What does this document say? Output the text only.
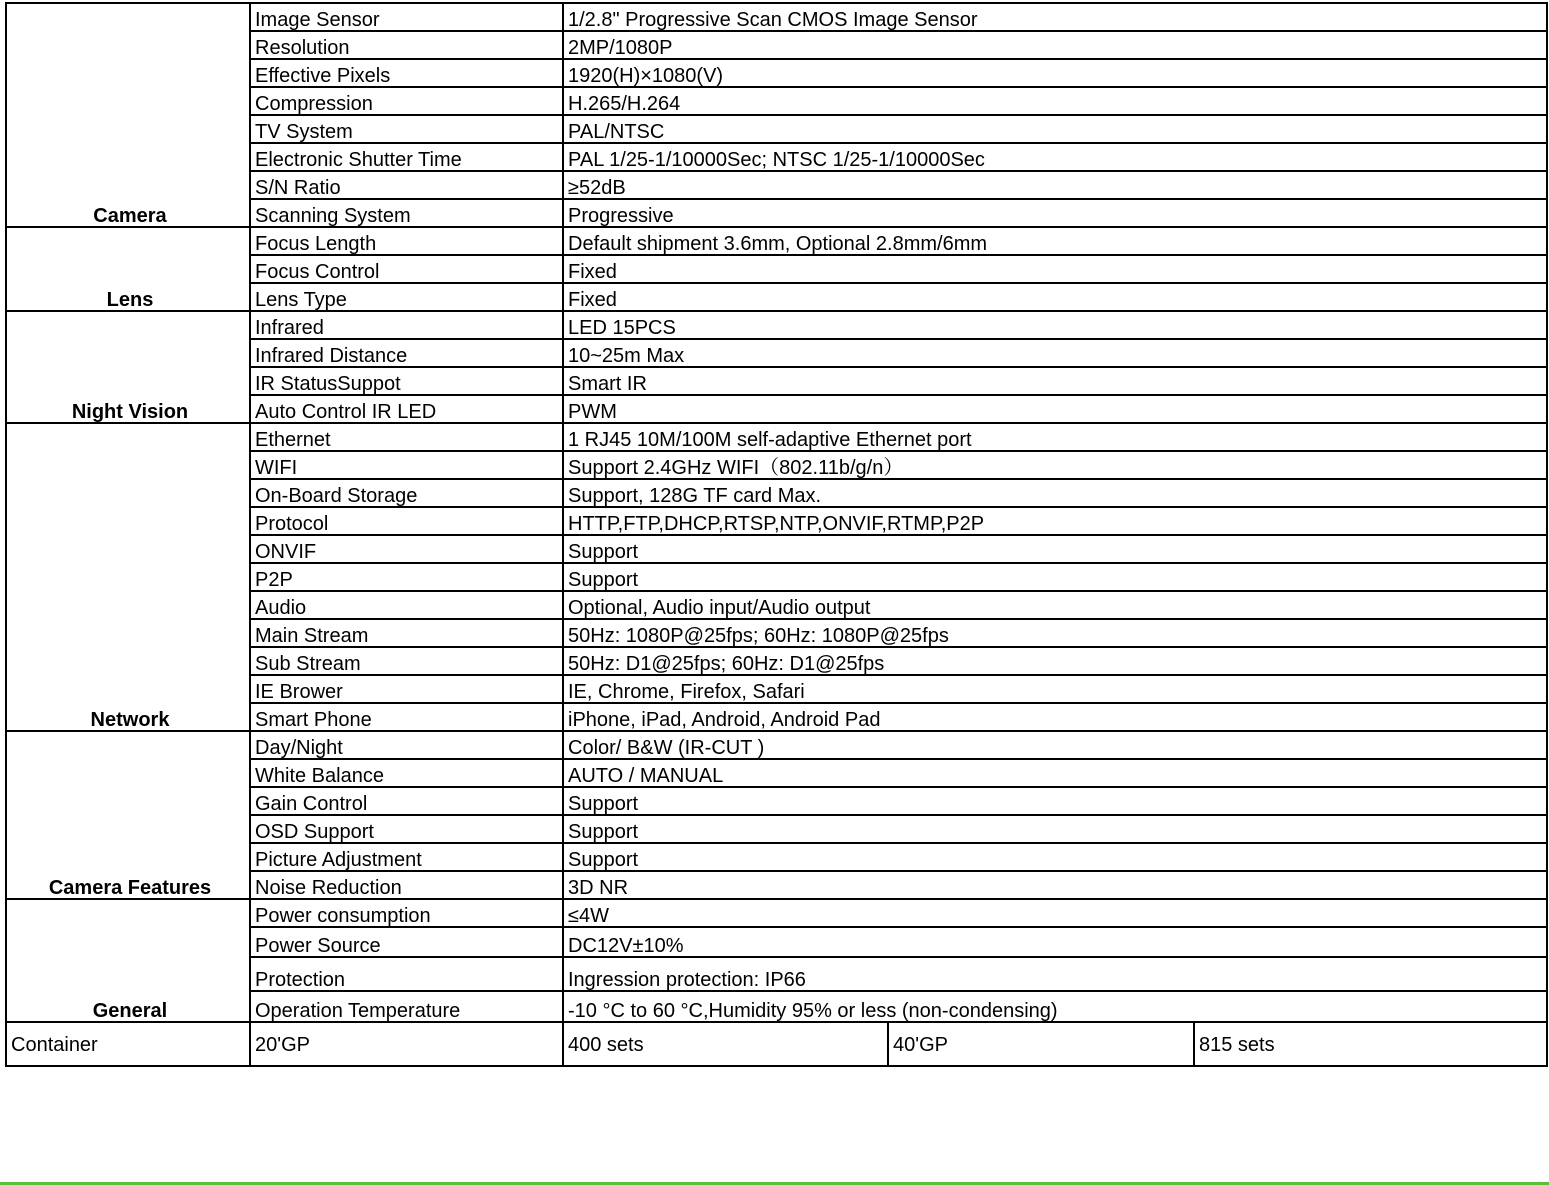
Camera	Image Sensor	1/2.8" Progressive Scan CMOS Image Sensor		
	Resolution	2MP/1080P		
	Effective Pixels	1920(H)×1080(V)		
	Compression	H.265/H.264		
	TV System	PAL/NTSC		
	Electronic Shutter Time	PAL 1/25-1/10000Sec; NTSC 1/25-1/10000Sec		
	S/N Ratio	≥52dB		
	Scanning System	Progressive		
Lens	Focus Length	Default shipment 3.6mm, Optional 2.8mm/6mm		
	Focus Control	Fixed		
	Lens Type	Fixed		
Night Vision	Infrared	LED 15PCS		
	Infrared Distance	10~25m Max		
	IR StatusSuppot	Smart IR		
	Auto Control IR LED	PWM		
Network	Ethernet	1 RJ45 10M/100M self-adaptive Ethernet port		
	WIFI	Support 2.4GHz WIFI（802.11b/g/n）		
	On-Board Storage	Support, 128G TF card Max.		
	Protocol	HTTP,FTP,DHCP,RTSP,NTP,ONVIF,RTMP,P2P		
	ONVIF	Support		
	P2P	Support		
	Audio	Optional, Audio input/Audio output		
	Main Stream	50Hz: 1080P@25fps; 60Hz: 1080P@25fps		
	Sub Stream	50Hz: D1@25fps; 60Hz: D1@25fps		
	IE Brower	IE, Chrome, Firefox, Safari		
	Smart Phone	iPhone, iPad, Android, Android Pad		
Camera Features	Day/Night	Color/ B&W (IR-CUT )		
	White Balance	AUTO / MANUAL		
	Gain Control	Support		
	OSD Support	Support		
	Picture Adjustment	Support		
	Noise Reduction	3D NR		
General	Power consumption	≤4W		
	Power Source	DC12V±10%		
	Protection	Ingression protection: IP66		
	Operation Temperature	-10 °C to 60 °C,Humidity 95% or less (non-condensing)		
Container	20'GP	400 sets	40'GP	815 sets
